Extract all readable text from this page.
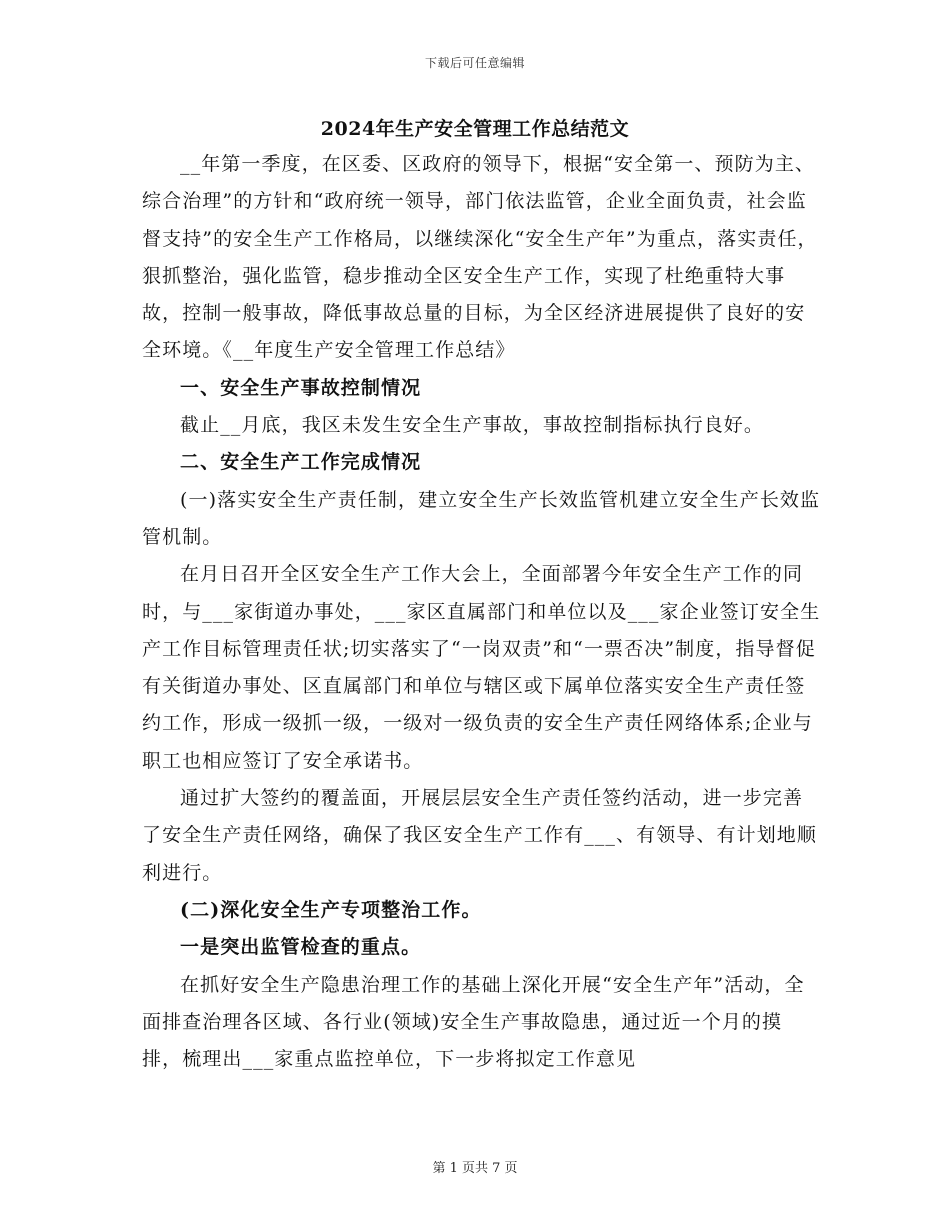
下载后可任意编辑
2024年生产安全管理工作总结范文

__年第一季度，在区委、区政府的领导下，根据“安全第一、预防为主、综合治理”的方针和“政府统一领导，部门依法监管，企业全面负责，社会监督支持”的安全生产工作格局，以继续深化“安全生产年”为重点，落实责任，狠抓整治，强化监管，稳步推动全区安全生产工作，实现了杜绝重特大事故，控制一般事故，降低事故总量的目标，为全区经济进展提供了良好的安全环境。《__年度生产安全管理工作总结》

一、安全生产事故控制情况

截止__月底，我区未发生安全生产事故，事故控制指标执行良好。

二、安全生产工作完成情况

(一)落实安全生产责任制，建立安全生产长效监管机建立安全生产长效监管机制。

在月日召开全区安全生产工作大会上，全面部署今年安全生产工作的同时，与___家街道办事处，___家区直属部门和单位以及___家企业签订安全生产工作目标管理责任状;切实落实了“一岗双责”和“一票否决”制度，指导督促有关街道办事处、区直属部门和单位与辖区或下属单位落实安全生产责任签约工作，形成一级抓一级，一级对一级负责的安全生产责任网络体系;企业与职工也相应签订了安全承诺书。

通过扩大签约的覆盖面，开展层层安全生产责任签约活动，进一步完善了安全生产责任网络，确保了我区安全生产工作有___、有领导、有计划地顺利进行。

(二)深化安全生产专项整治工作。

一是突出监管检查的重点。

在抓好安全生产隐患治理工作的基础上深化开展“安全生产年”活动，全面排查治理各区域、各行业(领域)安全生产事故隐患，通过近一个月的摸排，梳理出___家重点监控单位，下一步将拟定工作意见

第 1 页共 7 页
